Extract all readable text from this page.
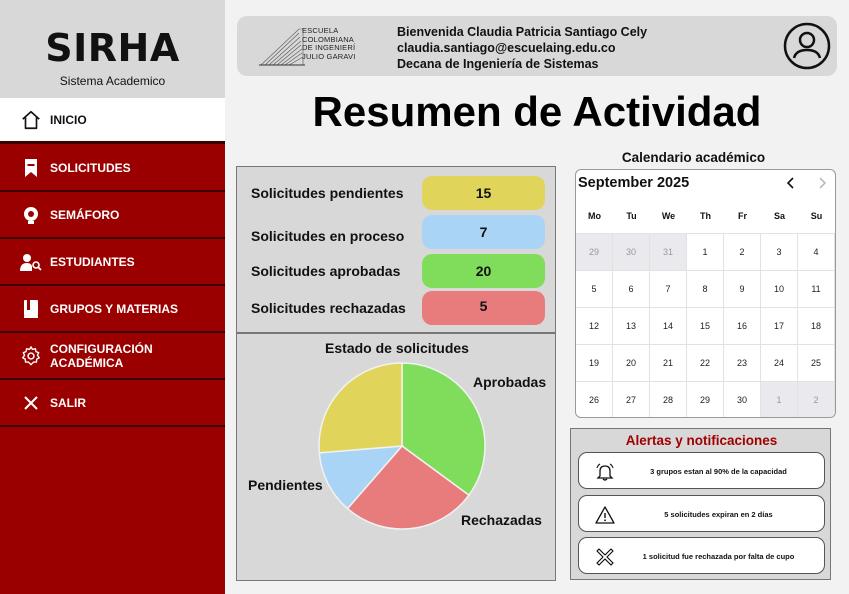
SIRHA
Sistema Academico
INICIO
SOLICITUDES
SEMÁFORO
ESTUDIANTES
GRUPOS Y MATERIAS
CONFIGURACIÓN ACADÉMICA
SALIR
ESCUELA
COLOMBIANA
DE INGENIERÍ
JULIO GARAVI
Bienvenida Claudia Patricia Santiago Cely
claudia.santiago@escuelaing.edu.co
Decana de Ingeniería de Sistemas
Resumen de Actividad
Solicitudes pendientes	15
Solicitudes en proceso	7
Solicitudes aprobadas	20
Solicitudes rechazadas	5
Estado de solicitudes
Aprobadas
Rechazadas
Pendientes
Calendario académico
September 2025
Mo	Tu	We	Th	Fr	Sa	Su
29	30	31	1	2	3	4
5	6	7	8	9	10	11
12	13	14	15	16	17	18
19	20	21	22	23	24	25
26	27	28	29	30	1	2
Alertas y notificaciones
3 grupos estan al 90% de la capacidad
5 solicitudes expiran en 2 días
1 solicitud fue rechazada por falta de cupo
